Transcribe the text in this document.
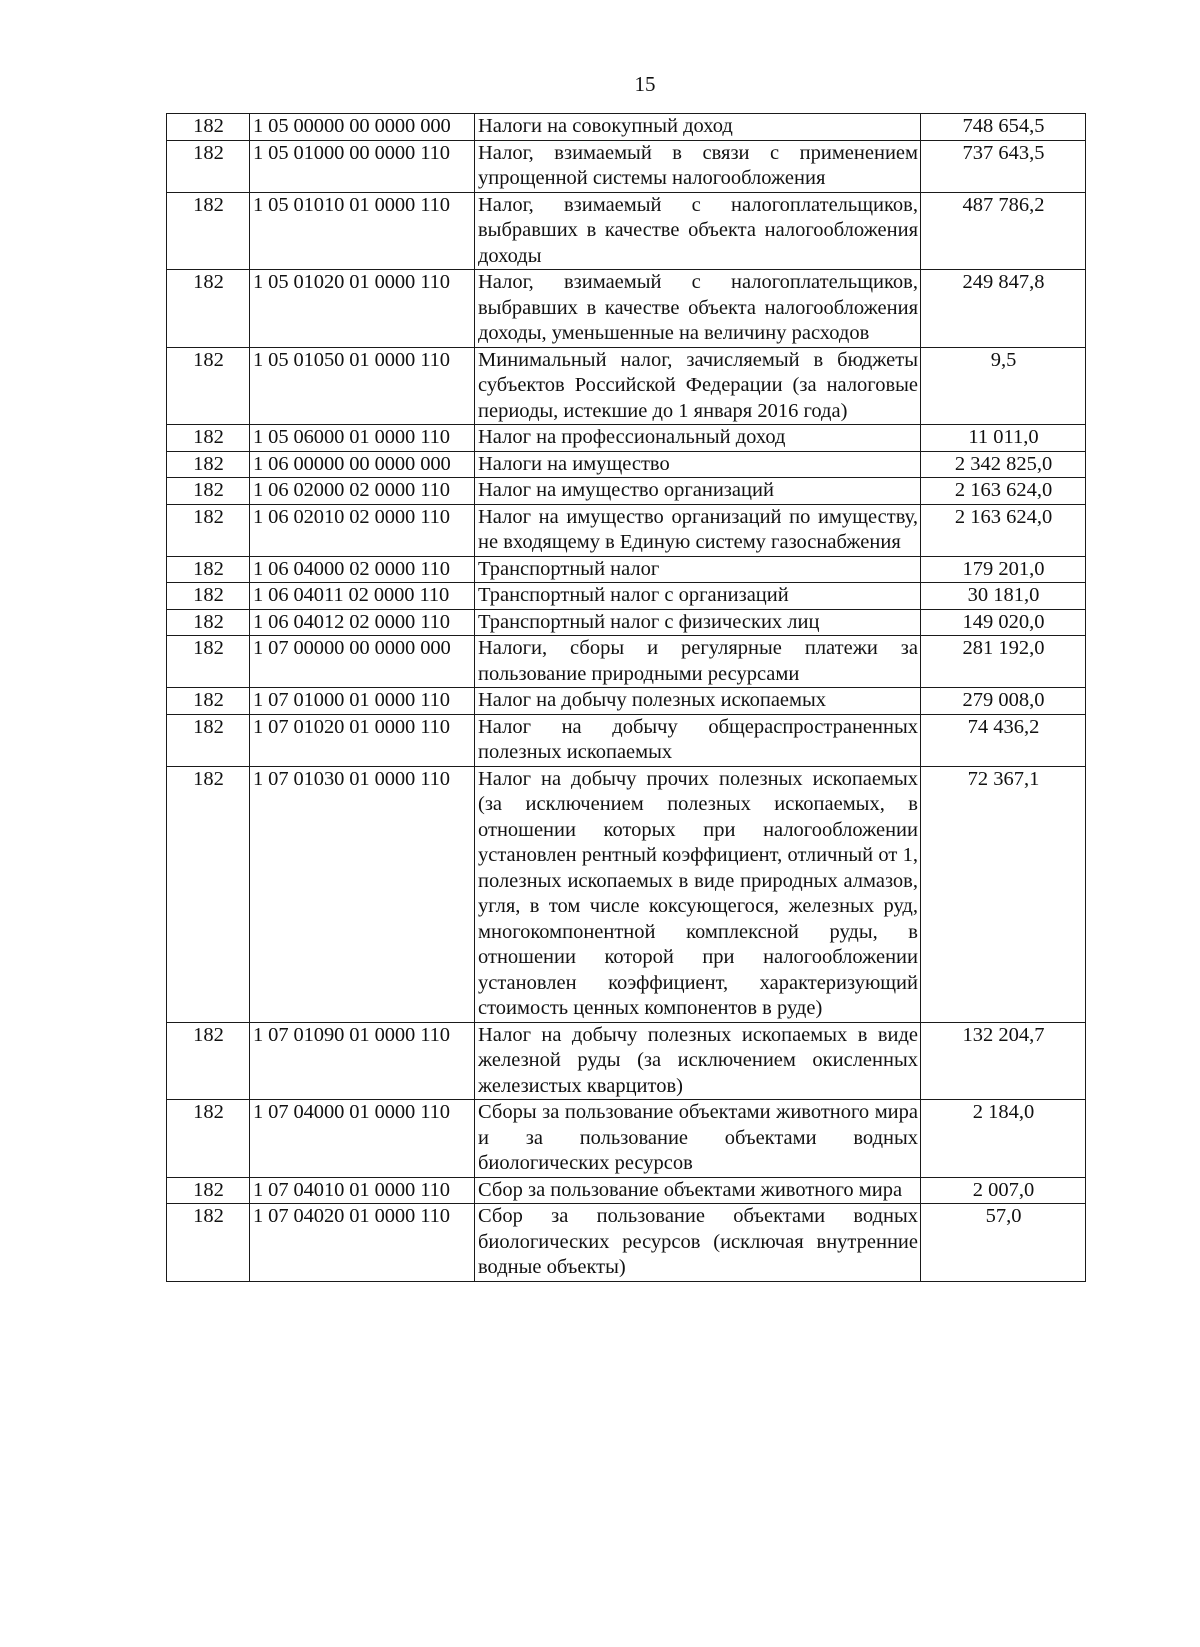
15
182	1 05 00000 00 0000 000	Налоги на совокупный доход	748 654,5
182	1 05 01000 00 0000 110	Налог, взимаемый в связи с применением упрощенной системы налогообложения	737 643,5
182	1 05 01010 01 0000 110	Налог, взимаемый с налогоплательщиков, выбравших в качестве объекта налогообложения доходы	487 786,2
182	1 05 01020 01 0000 110	Налог, взимаемый с налогоплательщиков, выбравших в качестве объекта налогообложения доходы, уменьшенные на величину расходов	249 847,8
182	1 05 01050 01 0000 110	Минимальный налог, зачисляемый в бюджеты субъектов Российской Федерации (за налоговые периоды, истекшие до 1 января 2016 года)	9,5
182	1 05 06000 01 0000 110	Налог на профессиональный доход	11 011,0
182	1 06 00000 00 0000 000	Налоги на имущество	2 342 825,0
182	1 06 02000 02 0000 110	Налог на имущество организаций	2 163 624,0
182	1 06 02010 02 0000 110	Налог на имущество организаций по имуществу, не входящему в Единую систему газоснабжения	2 163 624,0
182	1 06 04000 02 0000 110	Транспортный налог	179 201,0
182	1 06 04011 02 0000 110	Транспортный налог с организаций	30 181,0
182	1 06 04012 02 0000 110	Транспортный налог с физических лиц	149 020,0
182	1 07 00000 00 0000 000	Налоги, сборы и регулярные платежи за пользование природными ресурсами	281 192,0
182	1 07 01000 01 0000 110	Налог на добычу полезных ископаемых	279 008,0
182	1 07 01020 01 0000 110	Налог на добычу общераспространенных полезных ископаемых	74 436,2
182	1 07 01030 01 0000 110	Налог на добычу прочих полезных ископаемых (за исключением полезных ископаемых, в отношении которых при налогообложении установлен рентный коэффициент, отличный от 1, полезных ископаемых в виде природных алмазов, угля, в том числе коксующегося, железных руд, многокомпонентной комплексной руды, в отношении которой при налогообложении установлен коэффициент, характеризующий стоимость ценных компонентов в руде)	72 367,1
182	1 07 01090 01 0000 110	Налог на добычу полезных ископаемых в виде железной руды (за исключением окисленных железистых кварцитов)	132 204,7
182	1 07 04000 01 0000 110	Сборы за пользование объектами животного мира и за пользование объектами водных биологических ресурсов	2 184,0
182	1 07 04010 01 0000 110	Сбор за пользование объектами животного мира	2 007,0
182	1 07 04020 01 0000 110	Сбор за пользование объектами водных биологических ресурсов (исключая внутренние водные объекты)	57,0
